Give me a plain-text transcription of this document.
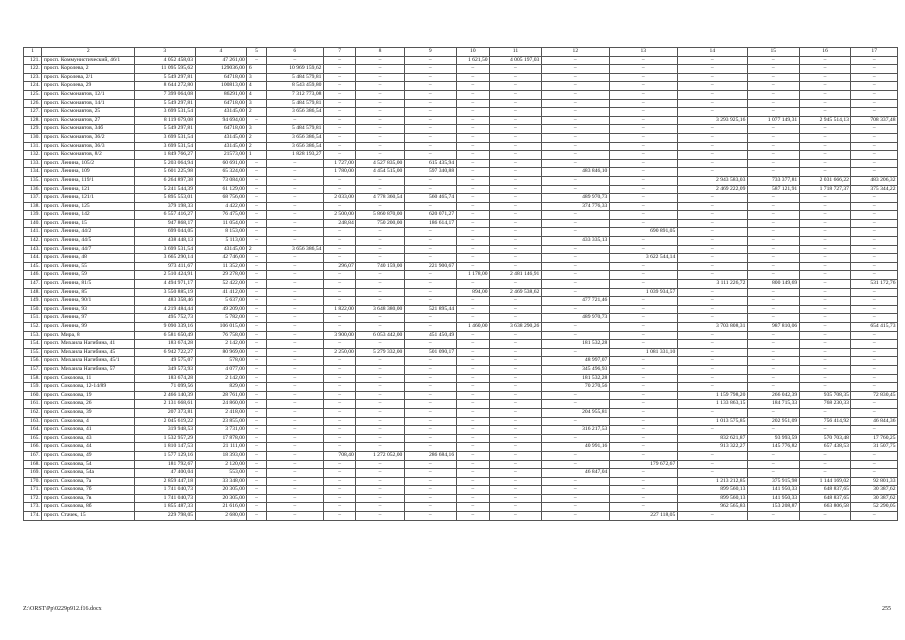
1	2	3	4	5	6	7	8	9	10	11	12	13	14	15	16	17
121.	просп. Коммунистический, 46/1	4 052 458,03	47 261,00	–	–	–	–	–	1 621,50	4 005 197,03	–	–	–	–	–	–
122.	просп. Королева, 2	11 095 595,62	129036,00	6	10 969 159,62	–	–	–	–	–	–	–	–	–	–	–
123.	просп. Королева, 2/1	5 549 297,81	64718,00	3	5 484 579,81	–	–	–	–	–	–	–	–	–	–	–
124.	просп. Королева, 29	8 644 272,80	100813,00	4	8 543 459,80	–	–	–	–	–	–	–	–	–	–	–
125.	просп. Космонавтов, 12/1	7 399 064,08	86291,00	4	7 312 773,08	–	–	–	–	–	–	–	–	–	–	–
126.	просп. Космонавтов, 14/1	5 549 297,81	64718,00	3	5 484 579,81	–	–	–	–	–	–	–	–	–	–	–
127.	просп. Космонавтов, 25	3 699 531,54	43145,00	2	3 656 386,54	–	–	–	–	–	–	–	–	–	–	–
128.	просп. Космонавтов, 27	8 119 679,08	94 694,00	–	–	–	–	–	–	–	–	–	3 293 925,16	1 077 149,31	2 945 514,13	708 337,48
129.	просп. Космонавтов, 34б	5 549 297,81	64718,00	3	5 484 579,81	–	–	–	–	–	–	–	–	–	–	–
130.	просп. Космонавтов, 36/2	3 699 531,54	43145,00	2	3 656 386,54	–	–	–	–	–	–	–	–	–	–	–
131.	просп. Космонавтов, 36/3	3 699 531,54	43145,00	2	3 656 386,54	–	–	–	–	–	–	–	–	–	–	–
132.	просп. Космонавтов, 8/2	1 849 766,27	21573,00	1	1 828 193,27	–	–	–	–	–	–	–	–	–	–	–
133.	просп. Ленина, 105/2	5 203 064,94	60 691,00	–	–	1 727,00	4 527 835,00	615 435,94	–	–	–	–	–	–	–	–
134.	просп. Ленина, 109	5 601 225,98	65 324,00	–	–	1 780,00	4 454 515,00	597 340,88	–	–	483 846,10	–	–	–	–	–
135.	просп. Ленина, 119/1	6 264 897,38	73 084,00	–	–	–	–	–	–	–	–	–	2 943 583,03	733 377,81	2 031 666,22	483 206,32
136.	просп. Ленина, 121	5 241 544,39	61 129,00	–	–	–	–	–	–	–	–	–	2 469 222,09	587 121,91	1 718 727,37	375 344,22
137.	просп. Ленина, 121/1	5 895 553,01	68 756,00	–	–	2 033,00	4 778 360,54	560 465,74	–	–	489 970,73	–	–	–	–	–
138.	просп. Ленина, 125	379 198,33	4 422,00	–	–	–	–	–	–	–	374 776,33	–	–	–	–	–
139.	просп. Ленина, 142	6 557 416,27	76 475,00	–	–	2 500,00	5 860 870,00	620 071,27	–	–	–	–	–	–	–	–
140.	просп. Ленина, 15	947 868,17	11 054,00	–	–	248,84	750 200,00	186 614,17	–	–	–	–	–	–	–	–
141.	просп. Ленина, 44/2	699 044,05	8 153,00	–	–	–	–	–	–	–	–	690 891,05	–	–	–	–
142.	просп. Ленина, 44/5	438 448,13	5 113,00	–	–	–	–	–	–	–	433 335,13	–	–	–	–	–
143.	просп. Ленина, 44/7	3 699 531,54	43145,00	2	3 656 386,54	–	–	–	–	–	–	–	–	–	–	–
144.	просп. Ленина, 48	3 665 290,14	42 746,00	–	–	–	–	–	–	–	–	3 622 544,14	–	–	–	–
145.	просп. Ленина, 55	973 411,67	11 352,00	–	–	296,07	740 159,00	221 900,67	–	–	–	–	–	–	–	–
146.	просп. Ленина, 59	2 510 424,91	29 278,00	–	–	–	–	–	1 178,00	2 481 146,91	–	–	–	–	–	–
147.	просп. Ленина, 81/5	4 494 971,17	52 422,00	–	–	–	–	–	–	–	–	–	3 111 226,72	800 149,69	–	531 172,76
148.	просп. Ленина, 85	3 550 885,19	41 412,00	–	–	–	–	–	894,00	2 469 538,62	–	1 039 934,57	–	–	–	–
149.	просп. Ленина, 90/1	483 358,46	5 637,00	–	–	–	–	–	–	–	477 721,46	–	–	–	–	–
150.	просп. Ленина, 93	4 219 484,44	49 209,00	–	–	1 822,00	3 648 380,00	521 895,44	–	–	–	–	–	–	–	–
151.	просп. Ленина, 97	495 752,73	5 782,00	–	–	–	–	–	–	–	489 970,73	–	–	–	–	–
152.	просп. Ленина, 99	9 090 339,16	106 015,00	–	–	–	–	–	1 460,00	3 638 290,26	–	–	3 703 808,31	987 810,06	–	654 415,73
153.	просп. Мира, 8	6 581 650,49	76 758,00	–	–	3 900,00	6 053 442,00	451 450,49	–	–	–	–	–	–	–	–
154.	просп. Михаила Нагибина, 41	183 674,28	2 142,00	–	–	–	–	–	–	–	181 532,28	–	–	–	–	–
155.	просп. Михаила Нагибина, 45	6 942 722,27	80 969,00	–	–	2 250,00	5 279 332,00	501 090,17	–	–	–	1 081 331,10	–	–	–	–
156.	просп. Михаила Нагибина, 45/1	49 575,07	578,00	–	–	–	–	–	–	–	48 997,07	–	–	–	–	–
157.	просп. Михаила Нагибина, 57	349 573,93	4 077,00	–	–	–	–	–	–	–	345 496,93	–	–	–	–	–
158.	просп. Соколова, 11	183 674,28	2 142,00	–	–	–	–	–	–	–	181 532,28	–	–	–	–	–
159.	просп. Соколова, 12-14/89	71 099,56	829,00	–	–	–	–	–	–	–	70 270,56	–	–	–	–	–
160.	просп. Соколова, 19	2 466 140,39	28 761,00	–	–	–	–	–	–	–	–	–	1 159 798,20	266 042,39	935 708,35	72 830,45
161.	просп. Соколова, 26	2 131 668,61	24 860,00	–	–	–	–	–	–	–	–	–	1 133 863,15	184 715,33	768 230,33	–
162.	просп. Соколова, 39	207 373,81	2 418,00	–	–	–	–	–	–	–	204 955,81	–	–	–	–	–
163.	просп. Соколова, 4	2 045 619,22	23 855,00	–	–	–	–	–	–	–	–	–	1 013 575,85	202 951,09	756 414,92	46 844,36
164.	просп. Соколова, 41	319 948,53	3 731,00	–	–	–	–	–	–	–	316 217,53	–	–	–	–	–
165.	просп. Соколова, 43	1 532 957,29	17 878,00	–	–	–	–	–	–	–	–	–	832 621,87	93 993,59	570 703,48	17 760,25
166.	просп. Соколова, 44	1 810 147,53	21 111,00	–	–	–	–	–	–	–	40 991,16	–	913 322,27	145 776,82	657 438,53	31 507,75
167.	просп. Соколова, 49	1 577 129,16	18 393,00	–	–	708,40	1 272 052,00	286 684,16	–	–	–	–	–	–	–	–
168.	просп. Соколова, 54	181 792,67	2 120,00	–	–	–	–	–	–	–	–	179 672,67	–	–	–	–
169.	просп. Соколова, 54а	47 400,04	553,00	–	–	–	–	–	–	–	46 847,04	–	–	–	–	–
170.	просп. Соколова, 7а	2 859 447,18	33 348,00	–	–	–	–	–	–	–	–	–	1 213 212,85	375 915,98	1 144 169,02	92 801,33
171.	просп. Соколова, 7б	1 741 040,73	20 305,00	–	–	–	–	–	–	–	–	–	899 560,13	141 950,33	648 837,65	30 387,62
172.	просп. Соколова, 7в	1 741 040,73	20 305,00	–	–	–	–	–	–	–	–	–	899 560,13	141 950,33	648 837,65	30 387,62
173.	просп. Соколова, 8б	1 855 487,33	21 616,00	–	–	–	–	–	–	–	–	–	962 565,83	153 208,87	663 806,58	52 290,05
174.	просп. Стачек, 15	229 798,05	2 680,00	–	–	–	–	–	–	–	–	227 118,05	–	–	–	–
Z:\ORST\Pp\0229p912.f16.docx	255
